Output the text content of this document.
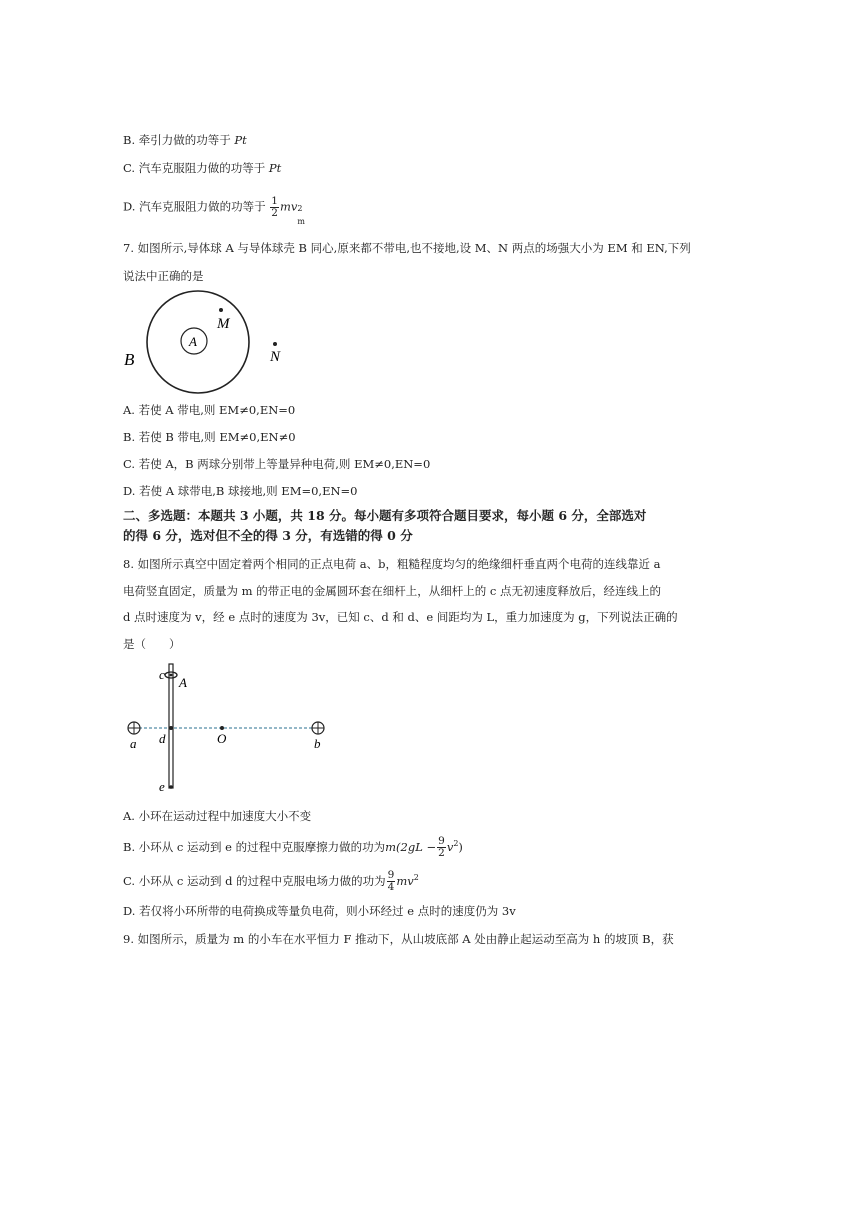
B. 牵引力做的功等于 Pt
C. 汽车克服阻力做的功等于 Pt
D. 汽车克服阻力做的功等于 $\frac{1}{2}$ mv 2
m
7. 如图所示,导体球 A 与导体球壳 B 同心,原来都不带电,也不接地,设 M、N 两点的场强大小为 EM 和 EN,下列
说法中正确的是
A
M
N
B
A. 若使 A 带电,则 EM≠0,EN=0
B. 若使 B 带电,则 EM≠0,EN≠0
C. 若使 A，B 两球分别带上等量异种电荷,则 EM≠0,EN=0
D. 若使 A 球带电,B 球接地,则 EM=0,EN=0
二、多选题：本题共 3 小题，共 18 分。每小题有多项符合题目要求，每小题 6 分，全部选对
的得 6 分，选对但不全的得 3 分，有选错的得 0 分
8. 如图所示真空中固定着两个相同的正点电荷 a、b，粗糙程度均匀的绝缘细杆垂直两个电荷的连线靠近 a
电荷竖直固定，质量为 m 的带正电的金属圆环套在细杆上，从细杆上的 c 点无初速度释放后，经连线上的
d 点时速度为 v，经 e 点时的速度为 3v，已知 c、d 和 d、e 间距均为 L，重力加速度为 g，下列说法正确的
是（　　）
c
A
a d	O	b
e
A. 小环在运动过程中加速度大小不变
B. 小环从 c 运动到 e 的过程中克服摩擦力做的功为$m(2gL - \frac{9}{2} v^2)$
C. 小环从 c 运动到 d 的过程中克服电场力做的功为 $\frac{9}{4} mv^2$
D. 若仅将小环所带的电荷换成等量负电荷，则小环经过 e 点时的速度仍为 3v
9. 如图所示，质量为 m 的小车在水平恒力 F 推动下，从山坡底部 A 处由静止起运动至高为 h 的坡顶 B，获
